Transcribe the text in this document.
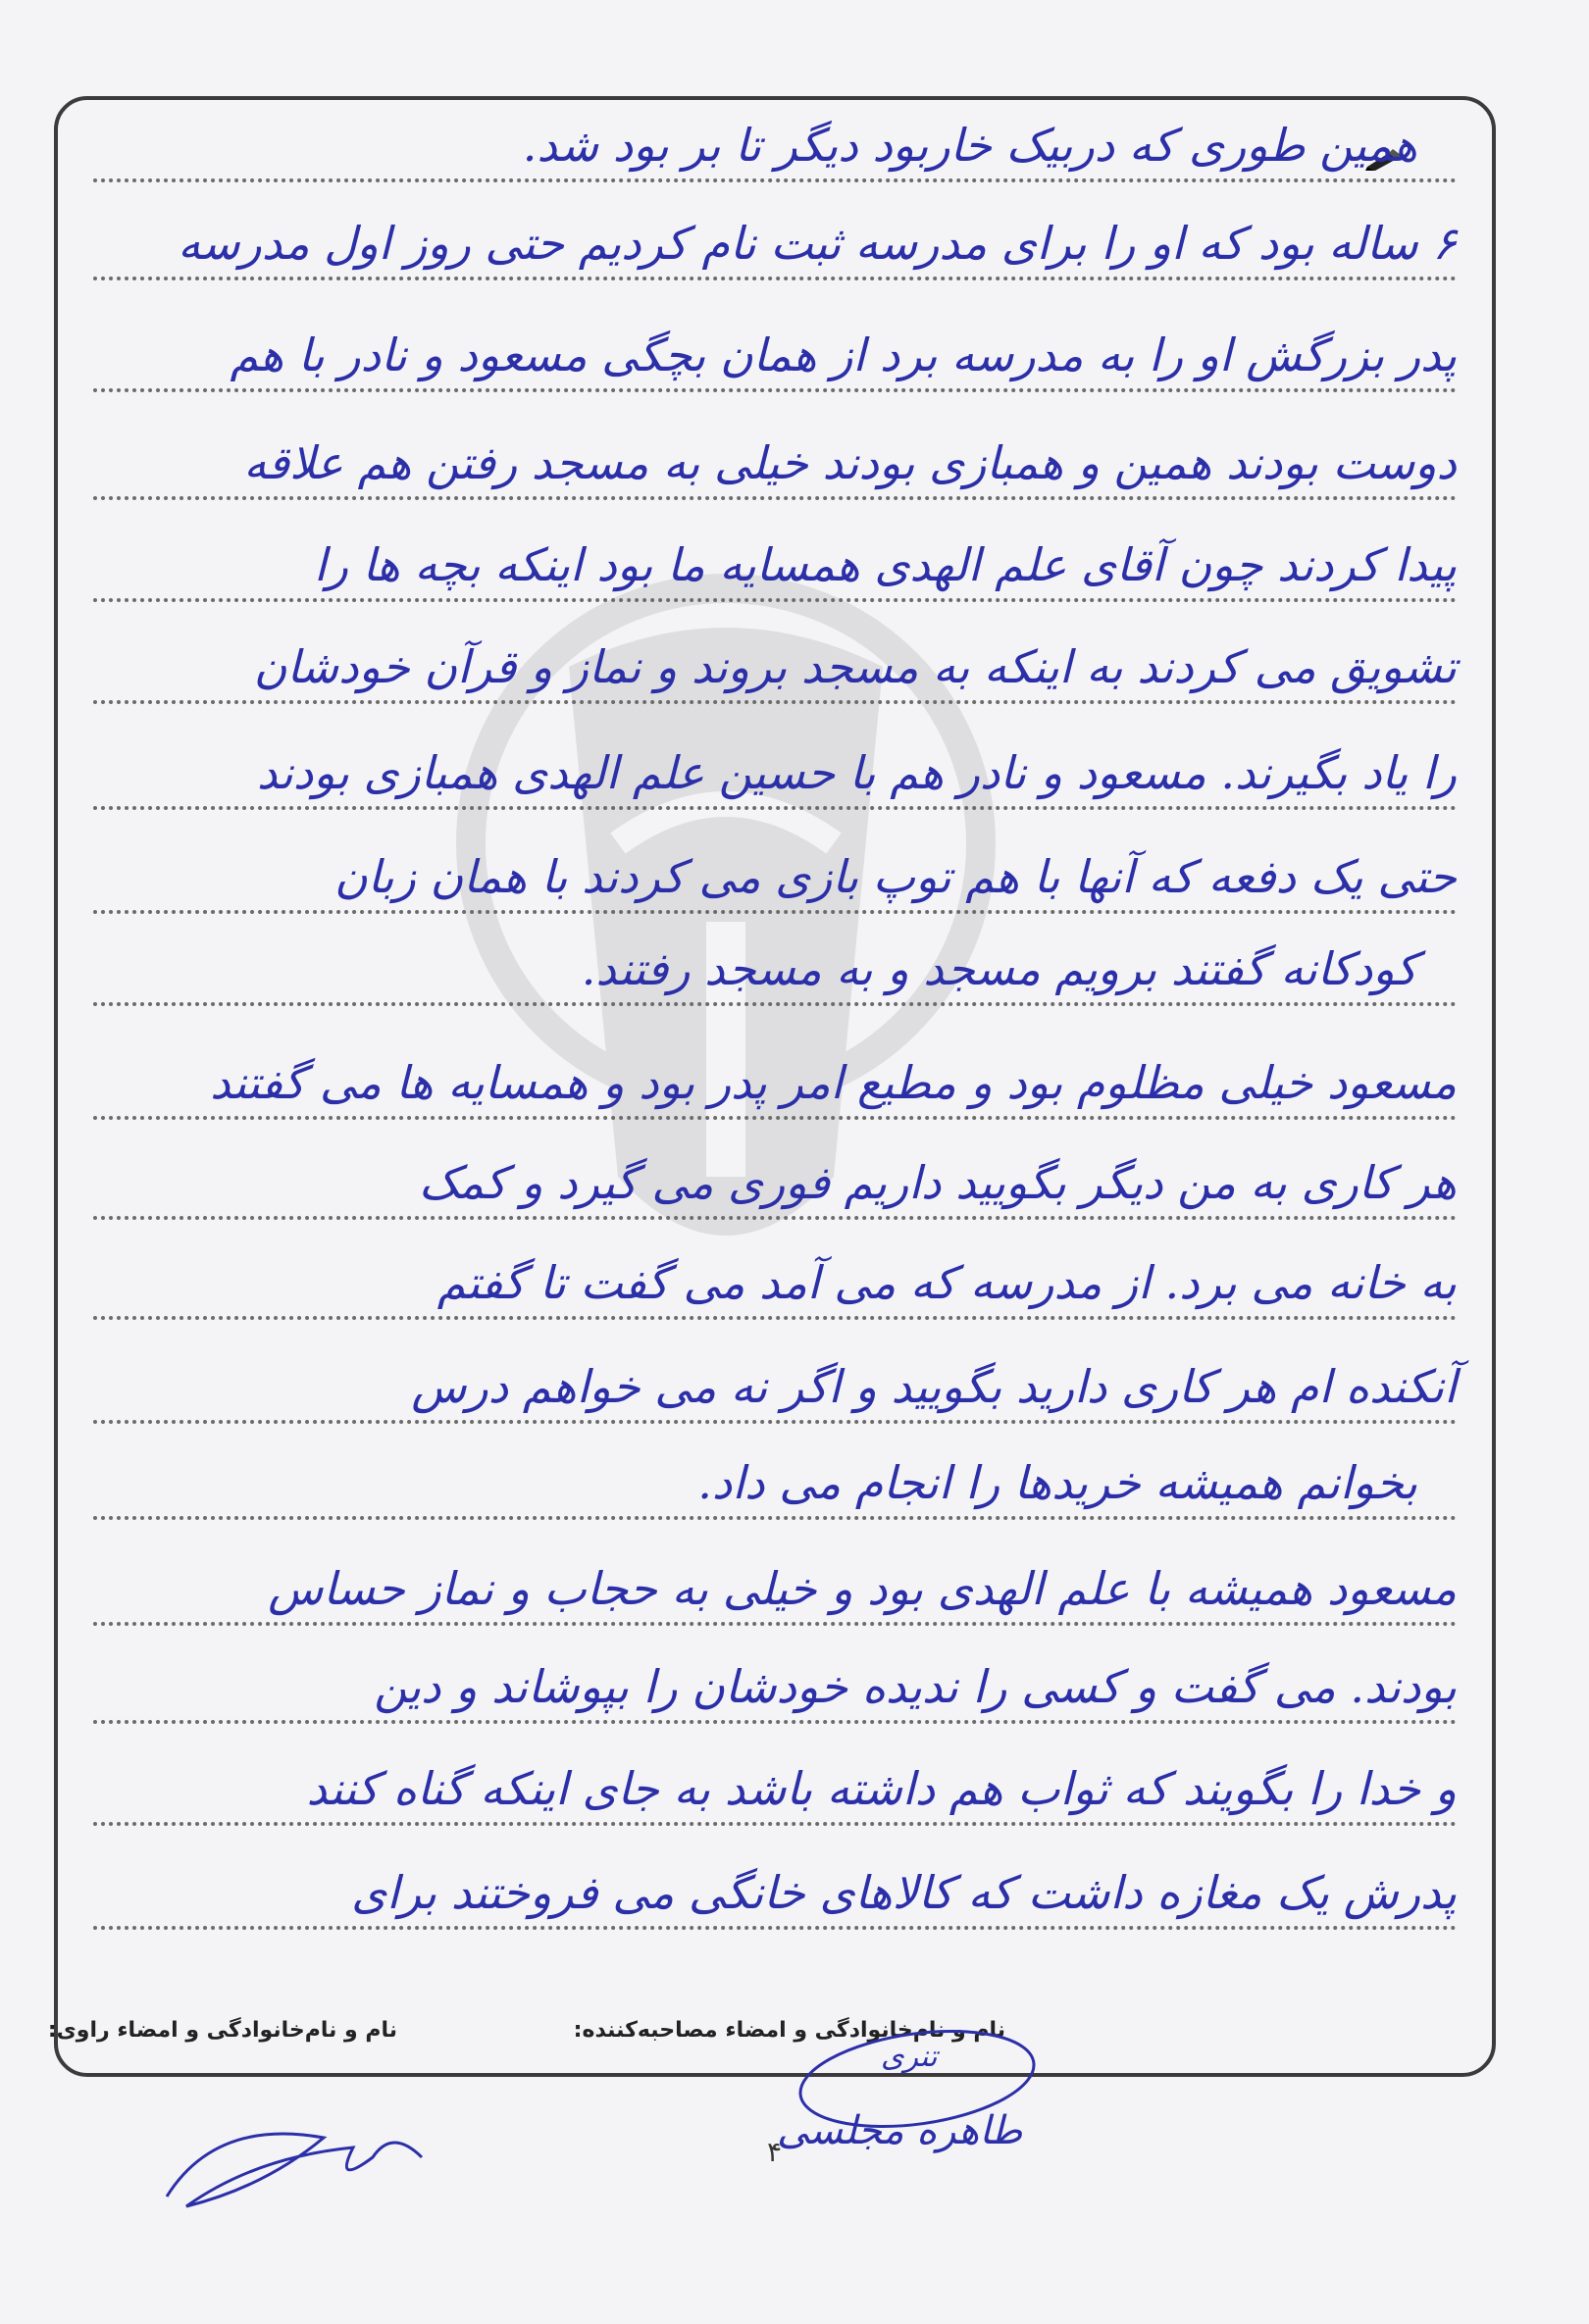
همین طوری که دربیک خاربود دیگر تا بر بود شد.
۶ ساله بود که او را برای مدرسه ثبت نام کردیم حتی روز اول مدرسه
پدر بزرگش او را به مدرسه برد از همان بچگی مسعود و نادر با هم
دوست بودند همین و همبازی بودند خیلی به مسجد رفتن هم علاقه
پیدا کردند چون آقای علم الهدی همسایه ما بود اینکه بچه ها را
تشویق می کردند به اینکه به مسجد بروند و نماز و قرآن خودشان
را یاد بگیرند. مسعود و نادر هم با حسین علم الهدی همبازی بودند
حتی یک دفعه که آنها با هم توپ بازی می کردند با همان زبان
کودکانه گفتند برویم مسجد و به مسجد رفتند.
مسعود خیلی مظلوم بود و مطیع امر پدر بود و همسایه ها می گفتند
هر کاری به من دیگر بگویید داریم فوری می گیرد و کمک
به خانه می برد. از مدرسه که می آمد می گفت تا گفتم
آنکنده ام هر کاری دارید بگویید و اگر نه می خواهم درس
بخوانم همیشه خریدها را انجام می داد.
مسعود همیشه با علم الهدی بود و خیلی به حجاب و نماز حساس
بودند. می گفت و کسی را ندیده خودشان را بپوشاند و دین
و خدا را بگویند که ثواب هم داشته باشد به جای اینکه گناه کنند
پدرش یک مغازه داشت که کالاهای خانگی می فروختند برای
نام و نام‌خانوادگی و امضاء مصاحبه‌کننده:
نام و نام‌خانوادگی و امضاء راوی:
تنری
طاهره مجلسی
۴
